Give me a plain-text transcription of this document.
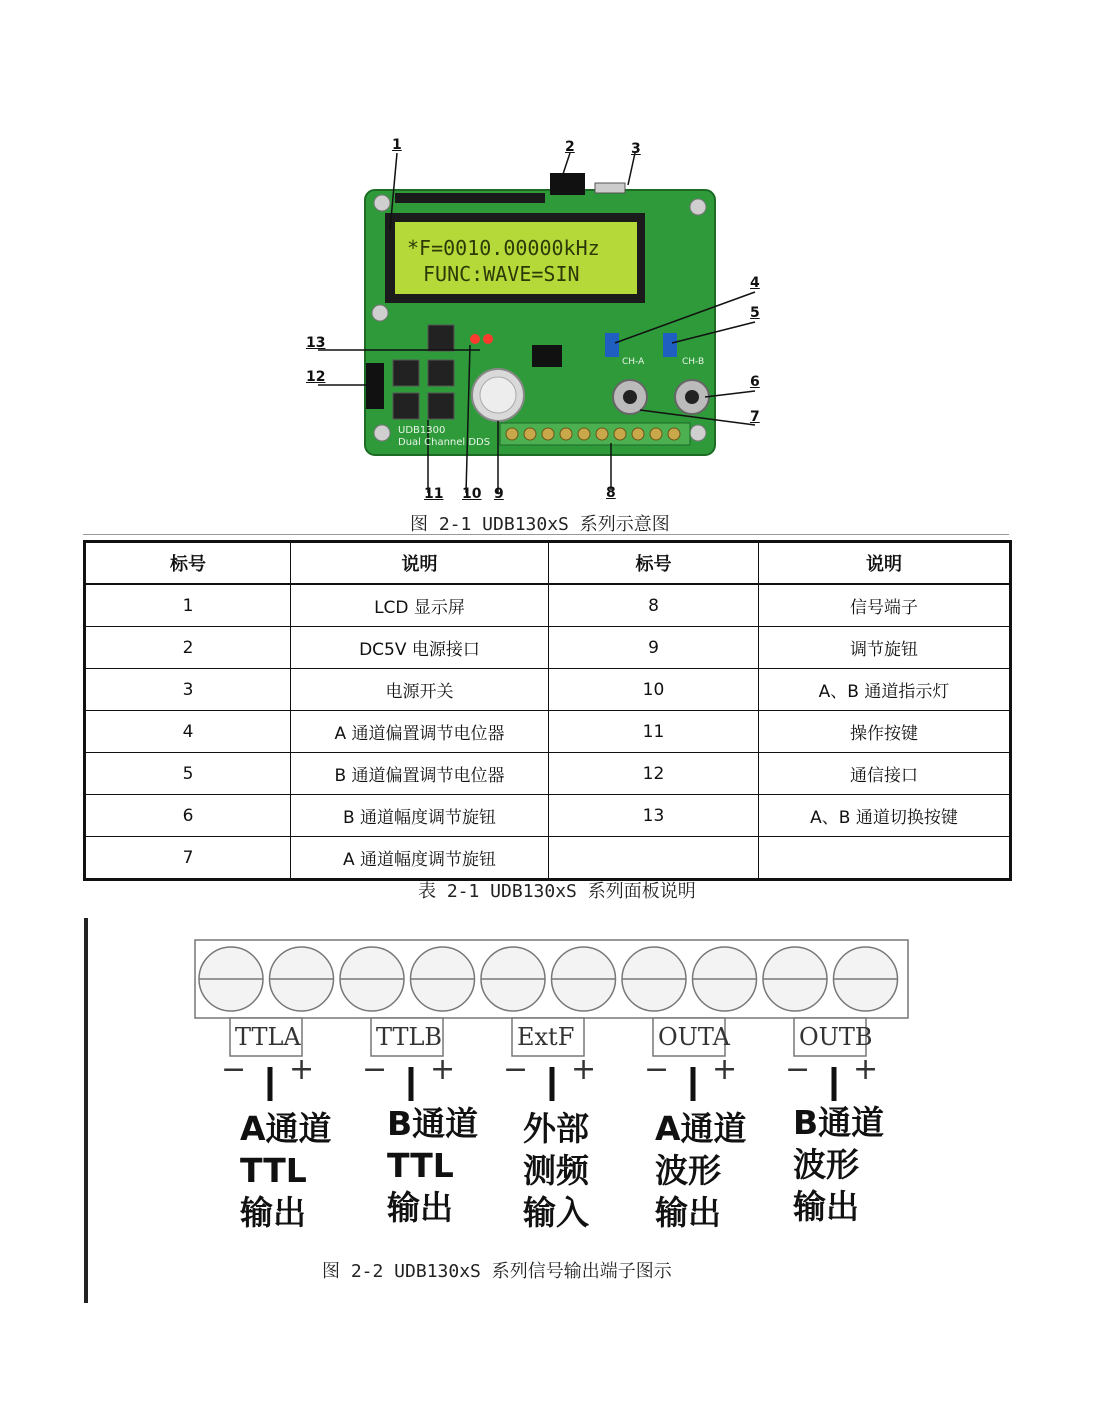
*F=0010.00000kHz
FUNC:WAVE=SIN
UDB1300
Dual Channel DDS
CH-A	CH-B
1	2	3
4
5
6
7
8
9
10
11
12
13
图 2-1 UDB130xS 系列示意图
标号	说明	标号	说明
1	LCD 显示屏	8	信号端子
2	DC5V 电源接口	9	调节旋钮
3	电源开关	10	A、B 通道指示灯
4	A 通道偏置调节电位器	11	操作按键
5	B 通道偏置调节电位器	12	通信接口
6	B 通道幅度调节旋钮	13	A、B 通道切换按键
7	A 通道幅度调节旋钮		
表 2-1 UDB130xS 系列面板说明
TTLA	TTLB	ExtF	OUTA	OUTB
− + − + − + − + − +
A通道
TTL
输出
B通道
TTL
输出
外部
测频
输入
A通道
波形
输出
B通道
波形
输出
图 2-2 UDB130xS 系列信号输出端子图示
